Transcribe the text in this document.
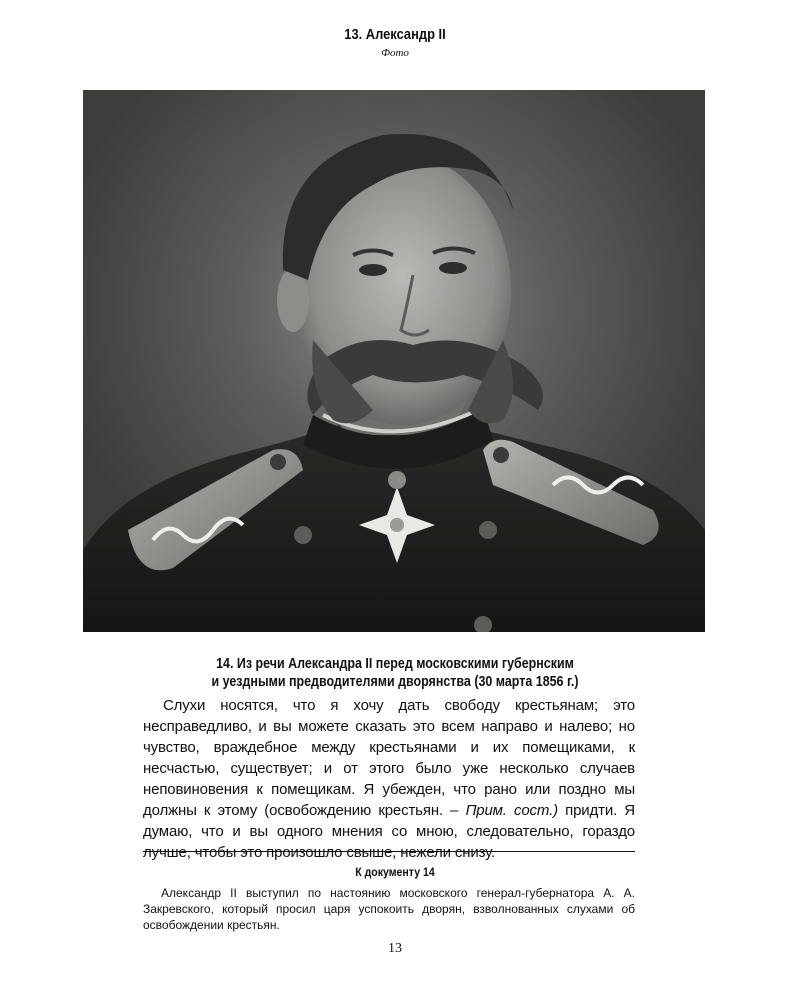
13. Александр II
Фото
14. Из речи Александра II перед московскими губернским
и уездными предводителями дворянства (30 марта 1856 г.)

Слухи носятся, что я хочу дать свободу крестьянам; это несправедливо, и вы можете сказать это всем направо и налево; но чувство, враждебное между крестьянами и их помещиками, к несчастью, существует; и от этого было уже несколько случаев неповиновения к помещикам. Я убежден, что рано или поздно мы должны к этому (освобождению крестьян. – Прим. сост.) придти. Я думаю, что и вы одного мнения со мною, следовательно, гораздо лучше, чтобы это произошло свыше, нежели снизу.

К документу 14

Александр II выступил по настоянию московского генерал-губернатора А. А. Закревского, который просил царя успокоить дворян, взволнованных слухами об освобождении крестьян.

13
